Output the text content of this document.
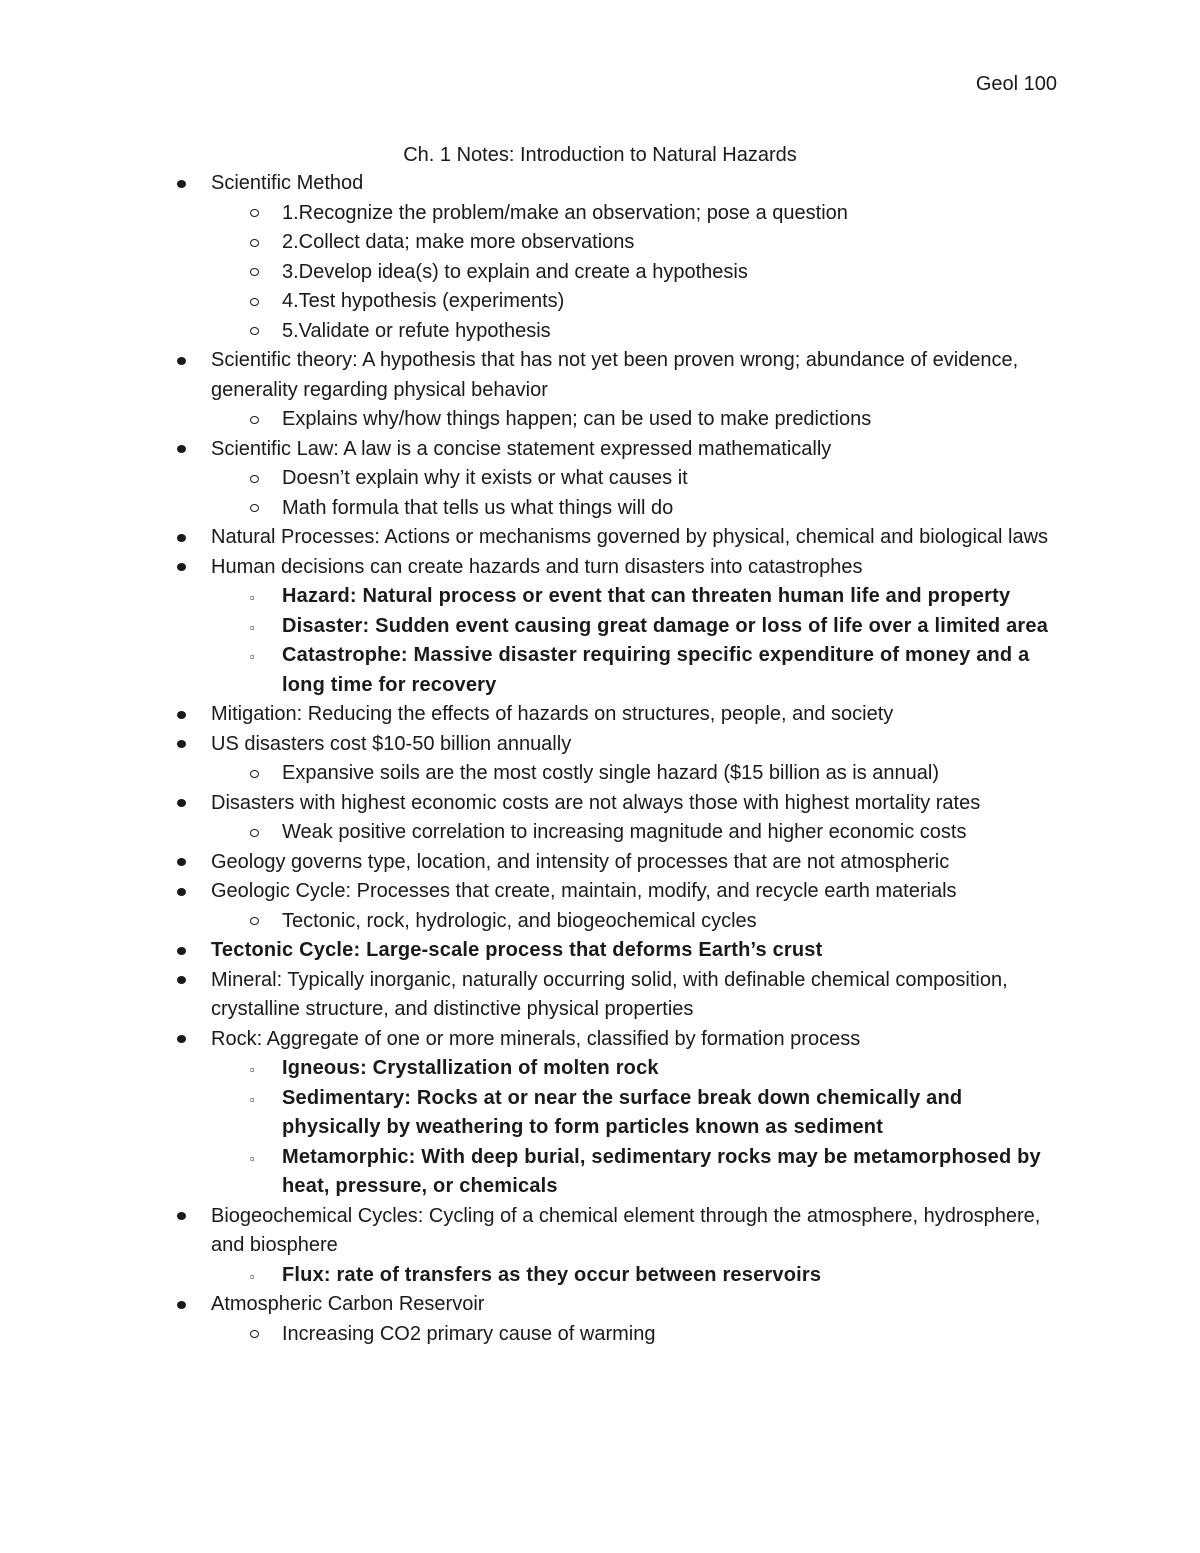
Geol 100
Ch. 1 Notes: Introduction to Natural Hazards
Scientific Method
1.Recognize the problem/make an observation; pose a question
2.Collect data; make more observations
3.Develop idea(s) to explain and create a hypothesis
4.Test hypothesis (experiments)
5.Validate or refute hypothesis
Scientific theory: A hypothesis that has not yet been proven wrong; abundance of evidence, generality regarding physical behavior
Explains why/how things happen; can be used to make predictions
Scientific Law: A law is a concise statement expressed mathematically
Doesn’t explain why it exists or what causes it
Math formula that tells us what things will do
Natural Processes: Actions or mechanisms governed by physical, chemical and biological laws
Human decisions can create hazards and turn disasters into catastrophes
▫ Hazard: Natural process or event that can threaten human life and property
▫ Disaster: Sudden event causing great damage or loss of life over a limited area
▫ Catastrophe: Massive disaster requiring specific expenditure of money and a long time for recovery
Mitigation: Reducing the effects of hazards on structures, people, and society
US disasters cost $10-50 billion annually
Expansive soils are the most costly single hazard ($15 billion as is annual)
Disasters with highest economic costs are not always those with highest mortality rates
Weak positive correlation to increasing magnitude and higher economic costs
Geology governs type, location, and intensity of processes that are not atmospheric
Geologic Cycle: Processes that create, maintain, modify, and recycle earth materials
Tectonic, rock, hydrologic, and biogeochemical cycles
Tectonic Cycle: Large-scale process that deforms Earth’s crust
Mineral: Typically inorganic, naturally occurring solid, with definable chemical composition, crystalline structure, and distinctive physical properties
Rock: Aggregate of one or more minerals, classified by formation process
▫ Igneous: Crystallization of molten rock
▫ Sedimentary: Rocks at or near the surface break down chemically and physically by weathering to form particles known as sediment
▫ Metamorphic: With deep burial, sedimentary rocks may be metamorphosed by heat, pressure, or chemicals
Biogeochemical Cycles: Cycling of a chemical element through the atmosphere, hydrosphere, and biosphere
▫ Flux: rate of transfers as they occur between reservoirs
Atmospheric Carbon Reservoir
Increasing CO2 primary cause of warming
